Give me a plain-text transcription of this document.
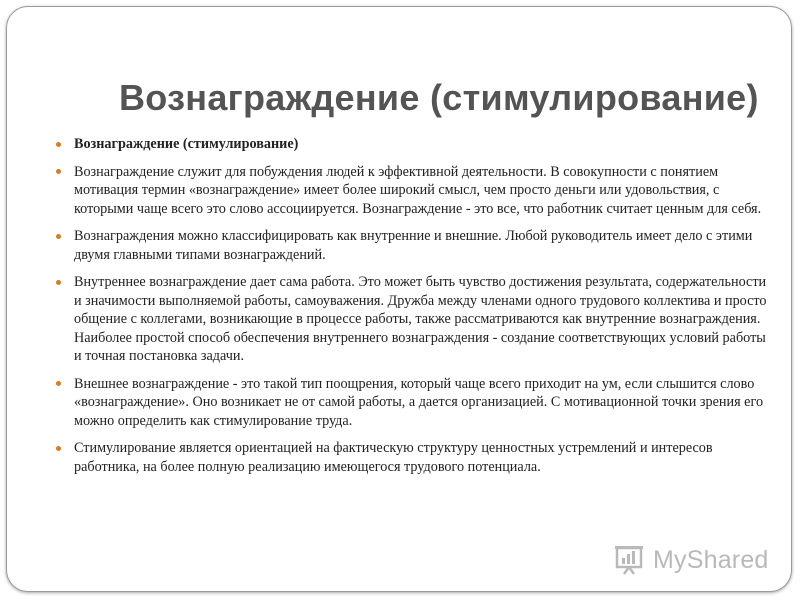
Вознаграждение (стимулирование)
Вознаграждение (стимулирование)
Вознаграждение служит для побуждения людей к эффективной деятельности. В совокупности с понятием мотивация термин «вознаграждение» имеет более широкий смысл, чем просто деньги или удовольствия, с которыми чаще всего это слово ассоциируется. Вознаграждение - это все, что работник считает ценным для себя.
Вознаграждения можно классифицировать как внутренние и внешние. Любой руководитель имеет дело с этими двумя главными типами вознаграждений.
Внутреннее вознаграждение дает сама работа. Это может быть чувство достижения результата, содержательности и значимости выполняемой работы, самоуважения. Дружба между членами одного трудового коллектива и просто общение с коллегами, возникающие в процессе работы, также рассматриваются как внутренние вознаграждения. Наиболее простой способ обеспечения внутреннего вознаграждения - создание соответствующих условий работы и точная постановка задачи.
Внешнее вознаграждение - это такой тип поощрения, который чаще всего приходит на ум, если слышится слово «вознаграждение». Оно возникает не от самой работы, а дается организацией. С мотивационной точки зрения его можно определить как стимулирование труда.
Стимулирование является ориентацией на фактическую структуру ценностных устремлений и интересов работника, на более полную реализацию имеющегося трудового потенциала.
MyShared
